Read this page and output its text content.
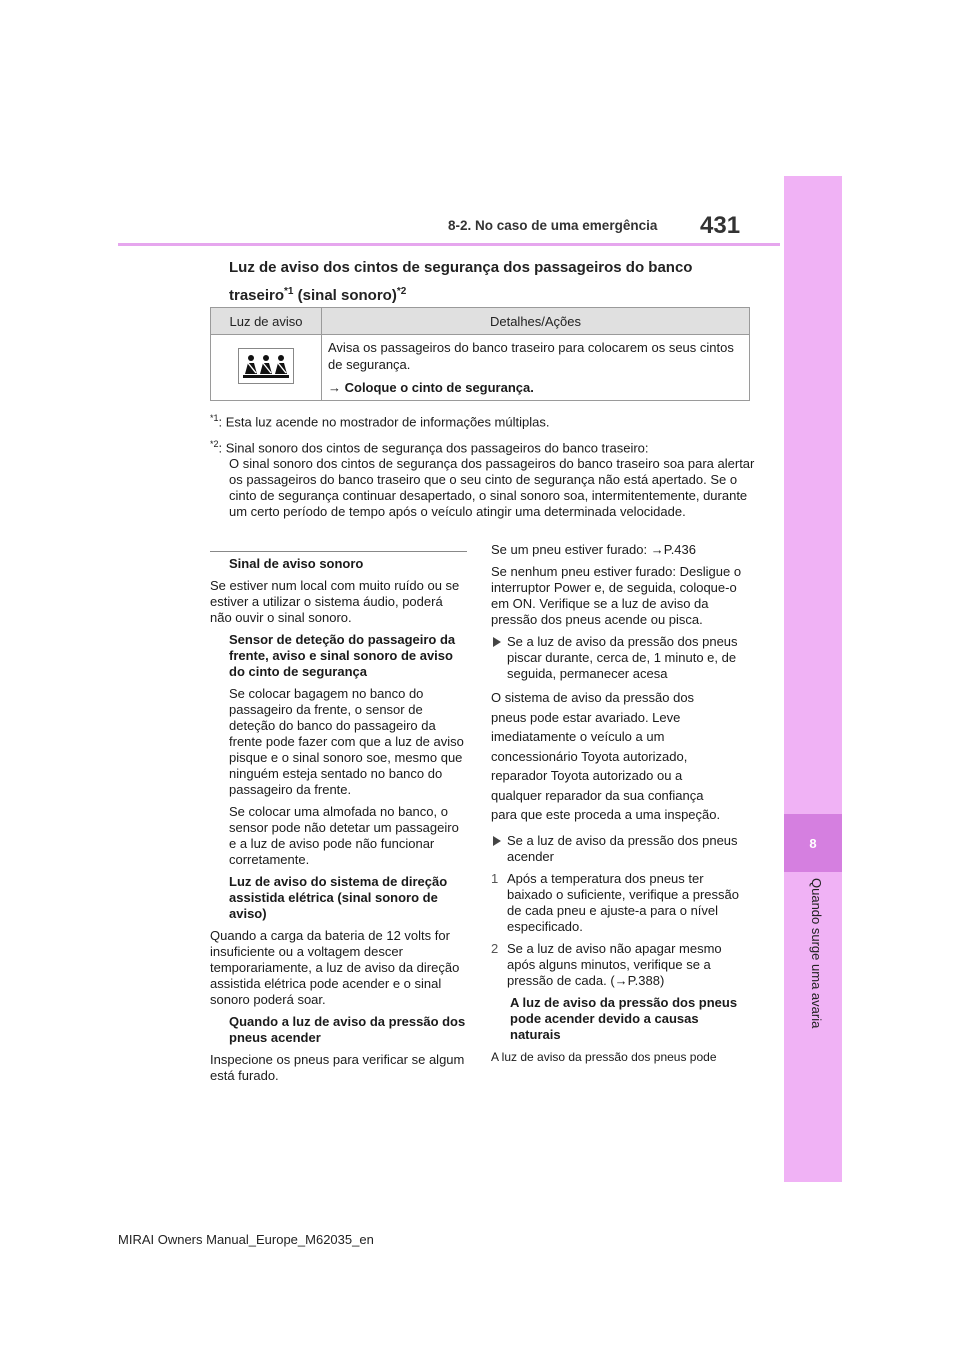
8-2. No caso de uma emergência 431
8
Quando surge uma avaria
Luz de aviso dos cintos de segurança dos passageiros do banco
traseiro$^{*1}$ (sinal sonoro)$^{*2}$
Luz de aviso	Detalhes/Ações

Avisa os passageiros do banco traseiro para colocarem os seus cintos de segurança.
→ Coloque o cinto de segurança.
$^{*1}$: Esta luz acende no mostrador de informações múltiplas.
$^{*2}$: Sinal sonoro dos cintos de segurança dos passageiros do banco traseiro:
O sinal sonoro dos cintos de segurança dos passageiros do banco traseiro soa para alertar os passageiros do banco traseiro que o seu cinto de segurança não está apertado. Se o cinto de segurança continuar desapertado, o sinal sonoro soa, intermitentemente, durante um certo período de tempo após o veículo atingir uma determinada velocidade.

Sinal de aviso sonoro

Se estiver num local com muito ruído ou se estiver a utilizar o sistema áudio, poderá não ouvir o sinal sonoro.

Sensor de deteção do passageiro da frente, aviso e sinal sonoro de aviso do cinto de segurança

Se colocar bagagem no banco do passageiro da frente, o sensor de deteção do banco do passageiro da frente pode fazer com que a luz de aviso pisque e o sinal sonoro soe, mesmo que ninguém esteja sentado no banco do passageiro da frente.

Se colocar uma almofada no banco, o sensor pode não detetar um passageiro e a luz de aviso pode não funcionar corretamente.

Luz de aviso do sistema de direção assistida elétrica (sinal sonoro de aviso)

Quando a carga da bateria de 12 volts for insuficiente ou a voltagem descer temporariamente, a luz de aviso da direção assistida elétrica pode acender e o sinal sonoro poderá soar.

Quando a luz de aviso da pressão dos pneus acender

Inspecione os pneus para verificar se algum está furado.

Se um pneu estiver furado: →P.436

Se nenhum pneu estiver furado: Desligue o interruptor Power e, de seguida, coloque-o em ON. Verifique se a luz de aviso da pressão dos pneus acende ou pisca.

Se a luz de aviso da pressão dos pneus piscar durante, cerca de, 1 minuto e, de seguida, permanecer acesa

O sistema de aviso da pressão dos
pneus pode estar avariado. Leve
imediatamente o veículo a um
concessionário Toyota autorizado,
reparador Toyota autorizado ou a
qualquer reparador da sua confiança
para que este proceda a uma inspeção.

Se a luz de aviso da pressão dos pneus acender

1 Após a temperatura dos pneus ter baixado o suficiente, verifique a pressão de cada pneu e ajuste-a para o nível especificado.

2 Se a luz de aviso não apagar mesmo após alguns minutos, verifique se a pressão de cada. (→P.388)

A luz de aviso da pressão dos pneus pode acender devido a causas naturais

A luz de aviso da pressão dos pneus pode

MIRAI Owners Manual_Europe_M62035_en
